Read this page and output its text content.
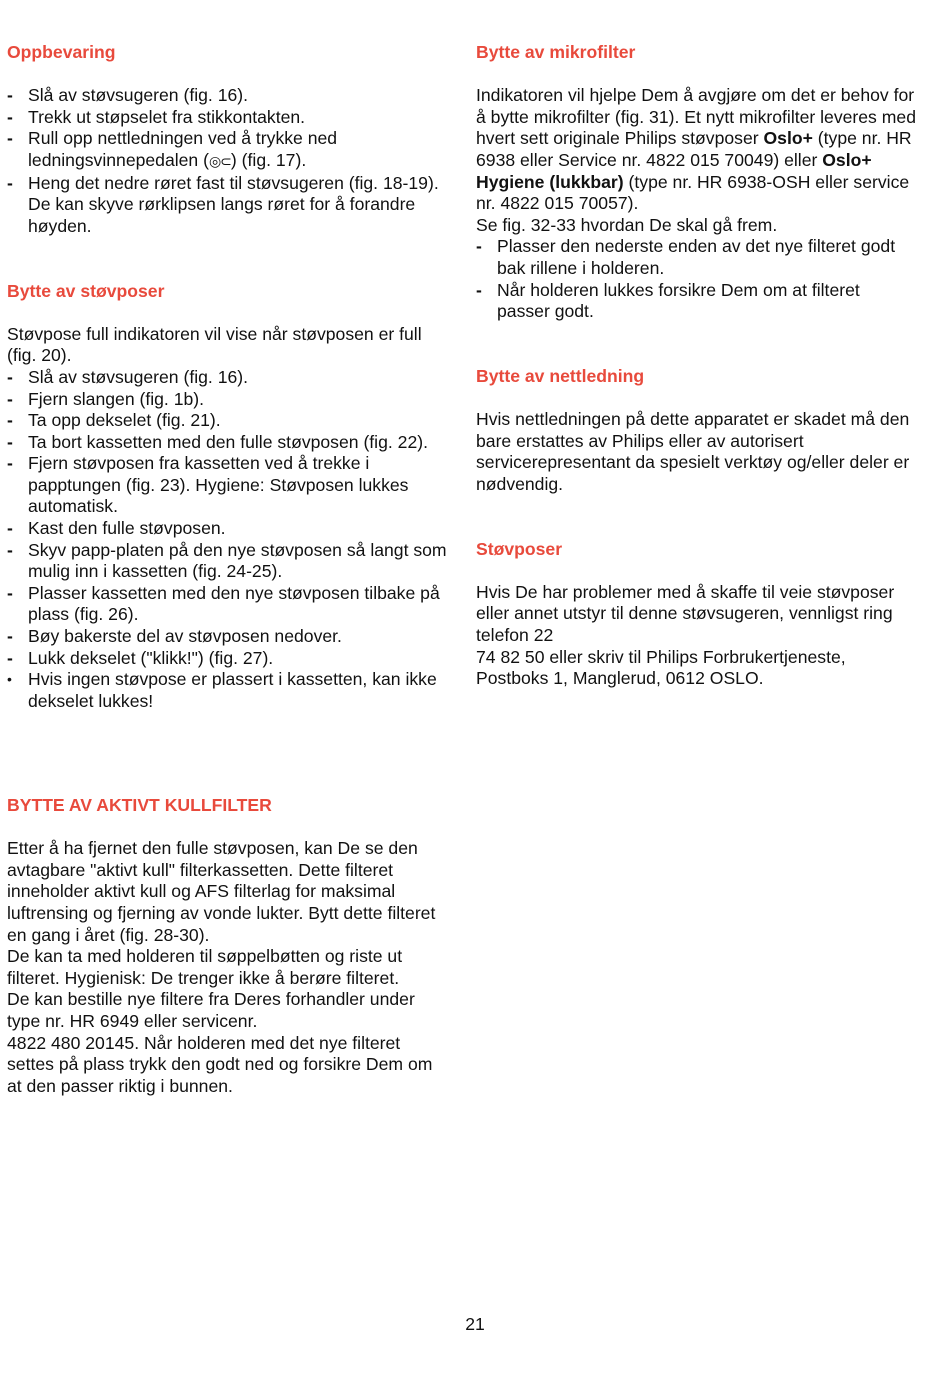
Oppbevaring
- Slå av støvsugeren (fig. 16).
- Trekk ut støpselet fra stikkontakten.
- Rull opp nettledningen ved å trykke ned ledningsvinnepedalen (◎⊂) (fig. 17).
- Heng det nedre røret fast til støvsugeren (fig. 18-19).
De kan skyve rørklipsen langs røret for å forandre høyden.
Bytte av støvposer

Støvpose full indikatoren vil vise når støvposen er full (fig. 20).

- Slå av støvsugeren (fig. 16).
- Fjern slangen (fig. 1b).
- Ta opp dekselet (fig. 21).
- Ta bort kassetten med den fulle støvposen (fig. 22).
- Fjern støvposen fra kassetten ved å trekke i papptungen (fig. 23). Hygiene: Støvposen lukkes automatisk.
- Kast den fulle støvposen.
- Skyv papp-platen på den nye støvposen så langt som mulig inn i kassetten (fig. 24-25).
- Plasser kassetten med den nye støvposen tilbake på plass (fig. 26).
- Bøy bakerste del av støvposen nedover.
- Lukk dekselet ("klikk!") (fig. 27).
• Hvis ingen støvpose er plassert i kassetten, kan ikke   dekselet lukkes!
Bytte av mikrofilter

Indikatoren vil hjelpe Dem å avgjøre om det er behov for å bytte mikrofilter (fig. 31). Et nytt mikrofilter leveres med hvert sett originale Philips støvposer Oslo+ (type nr. HR 6938 eller Service nr. 4822 015 70049) eller Oslo+ Hygiene (lukkbar) (type nr. HR 6938-OSH eller service nr. 4822 015 70057).

Se fig. 32-33 hvordan De skal gå frem.

- Plasser den nederste enden av det nye filteret godt bak rillene i holderen.
- Når holderen lukkes forsikre Dem om at filteret passer godt.
Bytte av nettledning

Hvis nettledningen på dette apparatet er skadet må den bare erstattes av Philips eller av autorisert servicerepresentant da spesielt verktøy og/eller deler er nødvendig.

Støvposer

Hvis De har problemer med å skaffe til veie støvposer eller annet utstyr til denne støvsugeren, vennligst ring telefon 22

74 82 50 eller skriv til Philips Forbrukertjeneste, Postboks 1, Manglerud, 0612 OSLO.

BYTTE AV AKTIVT KULLFILTER

Etter å ha fjernet den fulle støvposen, kan De se den avtagbare "aktivt kull" filterkassetten. Dette filteret inneholder aktivt kull og AFS filterlag for maksimal luftrensing og fjerning av vonde lukter. Bytt dette filteret en gang i året (fig. 28-30).

De kan ta med holderen til søppelbøtten og riste ut filteret. Hygienisk: De trenger ikke å berøre filteret.

De kan bestille nye filtere fra Deres forhandler under type nr. HR 6949 eller servicenr.

4822 480 20145. Når holderen med det nye filteret settes på plass trykk den godt ned og forsikre Dem om at den passer riktig i bunnen.

21
